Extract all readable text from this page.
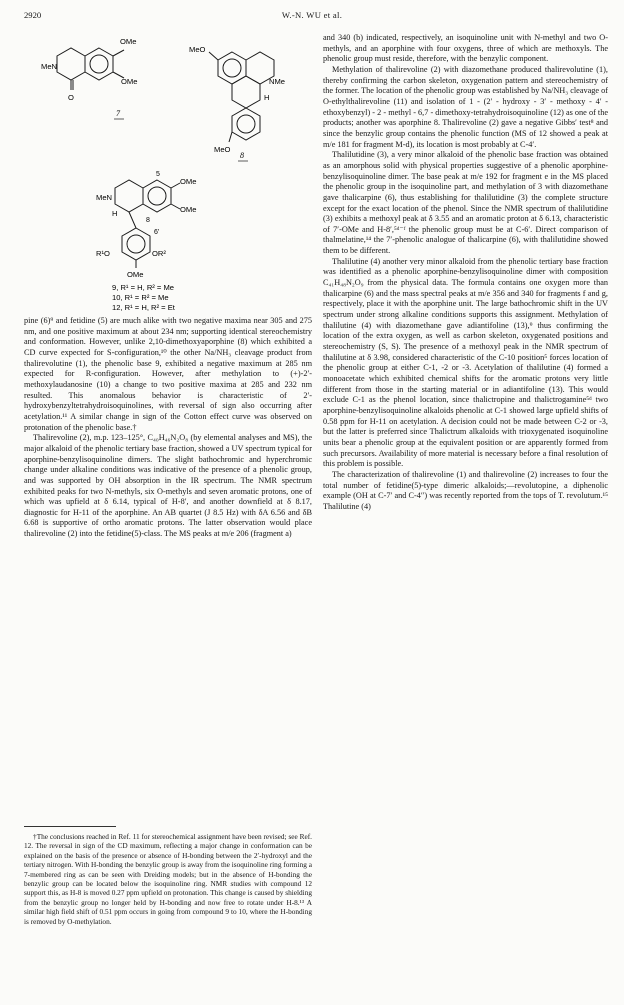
2920	W.-N. WU et al.
OMe
OMe
MeN
O
7
MeO
NMe
H
MeO
8
5
OMe
OMe
MeN
H
8
6'
R¹O	OR²
OMe
9, R¹ = H, R² = Me
10, R¹ = R² = Me
12, R¹ = H, R² = Et

pine (6)⁹ and fetidine (5) are much alike with two negative maxima near 305 and 275 nm, and one positive maximum at about 234 nm; supporting identical stereochemistry and conformation. However, unlike 2,10-dimethoxyaporphine (8) which exhibited a CD curve expected for S-configuration,¹⁰ the other Na/NH₃ cleavage product from thalirevolutine (1), the phenolic base 9, exhibited a negative maximum at 285 nm expected for R-configuration. However, after methylation to (+)-2′-methoxylaudanosine (10) a change to two positive maxima at 285 and 232 nm resulted. This anomalous behavior is characteristic of 2′-hydroxybenzyltetrahydroisoquinolines, with reversal of sign also occurring after acetylation.¹¹ A similar change in sign of the Cotton effect curve was observed on protonation of the phenolic base.†

Thalirevoline (2), m.p. 123–125°, C₄₀H₄₆N₂O₈ (by elemental analyses and MS), the major alkaloid of the phenolic tertiary base fraction, showed a UV spectrum typical for aporphine-benzylisoquinoline dimers. The slight bathochromic and hyperchromic change under alkaline conditions was indicative of the presence of a phenolic group, and was supported by OH absorption in the IR spectrum. The NMR spectrum exhibited peaks for two N-methyls, six O-methyls and seven aromatic protons, one of which was upfield at δ 6.14, typical of H-8′, and another downfield at δ 8.17, diagnostic for H-11 of the aporphine. An AB quartet (J 8.5 Hz) with δA 6.56 and δB 6.68 is supportive of ortho aromatic protons. The latter observation would place thalirevoline (2) into the fetidine(5)-class. The MS peaks at m/e 206 (fragment a)

†The conclusions reached in Ref. 11 for stereochemical assignment have been revised; see Ref. 12. The reversal in sign of the CD maximum, reflecting a major change in conformation can be explained on the basis of the presence or absence of H-bonding between the 2′-hydroxyl and the tertiary nitrogen. With H-bonding the benzylic group is away from the isoquinoline ring forming a 7-membered ring as can be seen with Dreiding models; but in the absence of H-bonding the benzylic group can be located below the isoquinoline ring. NMR studies with compound 12 support this, as H-8 is moved 0.27 ppm upfield on protonation. This change is caused by shielding from the benzylic group no longer held by H-bonding and now free to rotate under H-8.¹³ A similar high field shift of 0.51 ppm occurs in going from compound 9 to 10, where the H-bonding is removed by O-methylation.

and 340 (b) indicated, respectively, an isoquinoline unit with N-methyl and two O-methyls, and an aporphine with four oxygens, three of which are methoxyls. The phenolic group must reside, therefore, with the benzylic component.

Methylation of thalirevoline (2) with diazomethane produced thalirevolutine (1), thereby confirming the carbon skeleton, oxygenation pattern and stereochemistry of the former. The location of the phenolic group was established by Na/NH₃ cleavage of O-ethylthalirevoline (11) and isolation of 1 - (2′ - hydroxy - 3′ - methoxy - 4′ - ethoxybenzyl) - 2 - methyl - 6,7 - dimethoxy-tetrahydroisoquinoline (12) as one of the products; another was aporphine 8. Thalirevoline (2) gave a negative Gibbs′ test⁸ and since the benzylic group contains the phenolic function (MS of 12 showed a peak at m/e 181 for fragment M-d), its location is most probably at C-4′.

Thalilutidine (3), a very minor alkaloid of the phenolic base fraction was obtained as an amorphous solid with physical properties suggestive of a phenolic aporphine-benzylisoquinoline dimer. The base peak at m/e 192 for fragment e in the MS placed the phenolic group in the isoquinoline part, and methylation of 3 with diazomethane gave thalicarpine (6), thus establishing for thalilutidine (3) the complete structure except for the exact location of the phenol. Since the NMR spectrum of thalilutidine (3) exhibits a methoxyl peak at δ 3.55 and an aromatic proton at δ 6.13, characteristic of 7′-OMe and H-8′,⁵ᵈ⁻ᶠ the phenolic group must be at C-6′. Direct comparison of thalmelatine,¹⁴ the 7′-phenolic analogue of thalicarpine (6), with thalilutidine showed them to be different.

Thalilutine (4) another very minor alkaloid from the phenolic tertiary base fraction was identified as a phenolic aporphine-benzylisoquinoline dimer with composition C₄₁H₄₈N₂O₉ from the physical data. The formula contains one oxygen more than thalicarpine (6) and the mass spectral peaks at m/e 356 and 340 for fragments f and g, respectively, place it with the aporphine unit. The large bathochromic shift in the UV spectrum under strong alkaline conditions supports this assignment. Methylation of thalilutine (4) with diazomethane gave adiantifoline (13),⁹ thus confirming the location of the extra oxygen, as well as carbon skeleton, oxygenated positions and stereochemistry (S, S). The presence of a methoxyl peak in the NMR spectrum of thalilutine at δ 3.98, considered characteristic of the C-10 position⁵ forces location of the phenolic group at either C-1, -2 or -3. Acetylation of thalilutine (4) formed a monoacetate which exhibited chemical shifts for the aromatic protons very little different from those in the starting material or in adiantifoline (13). This would exclude C-1 as the phenol location, since thalictropine and thalictrogamine⁵ᵈ two aporphine-benzylisoquinoline alkaloids phenolic at C-1 showed large upfield shifts of 0.58 ppm for H-11 on acetylation. A decision could not be made between C-2 or -3, but the latter is preferred since Thalictrum alkaloids with trioxygenated isoquinoline units bear a phenolic group at the equivalent position or are apparently formed from such precursors. Availability of more material is necessary before a final resolution of this problem is possible.

The characterization of thalirevoline (1) and thalirevoline (2) increases to four the total number of fetidine(5)-type dimeric alkaloids;—revolutopine, a diphenolic example (OH at C-7′ and C-4″) was recently reported from the tops of T. revolutum.¹⁵ Thalilutine (4)
